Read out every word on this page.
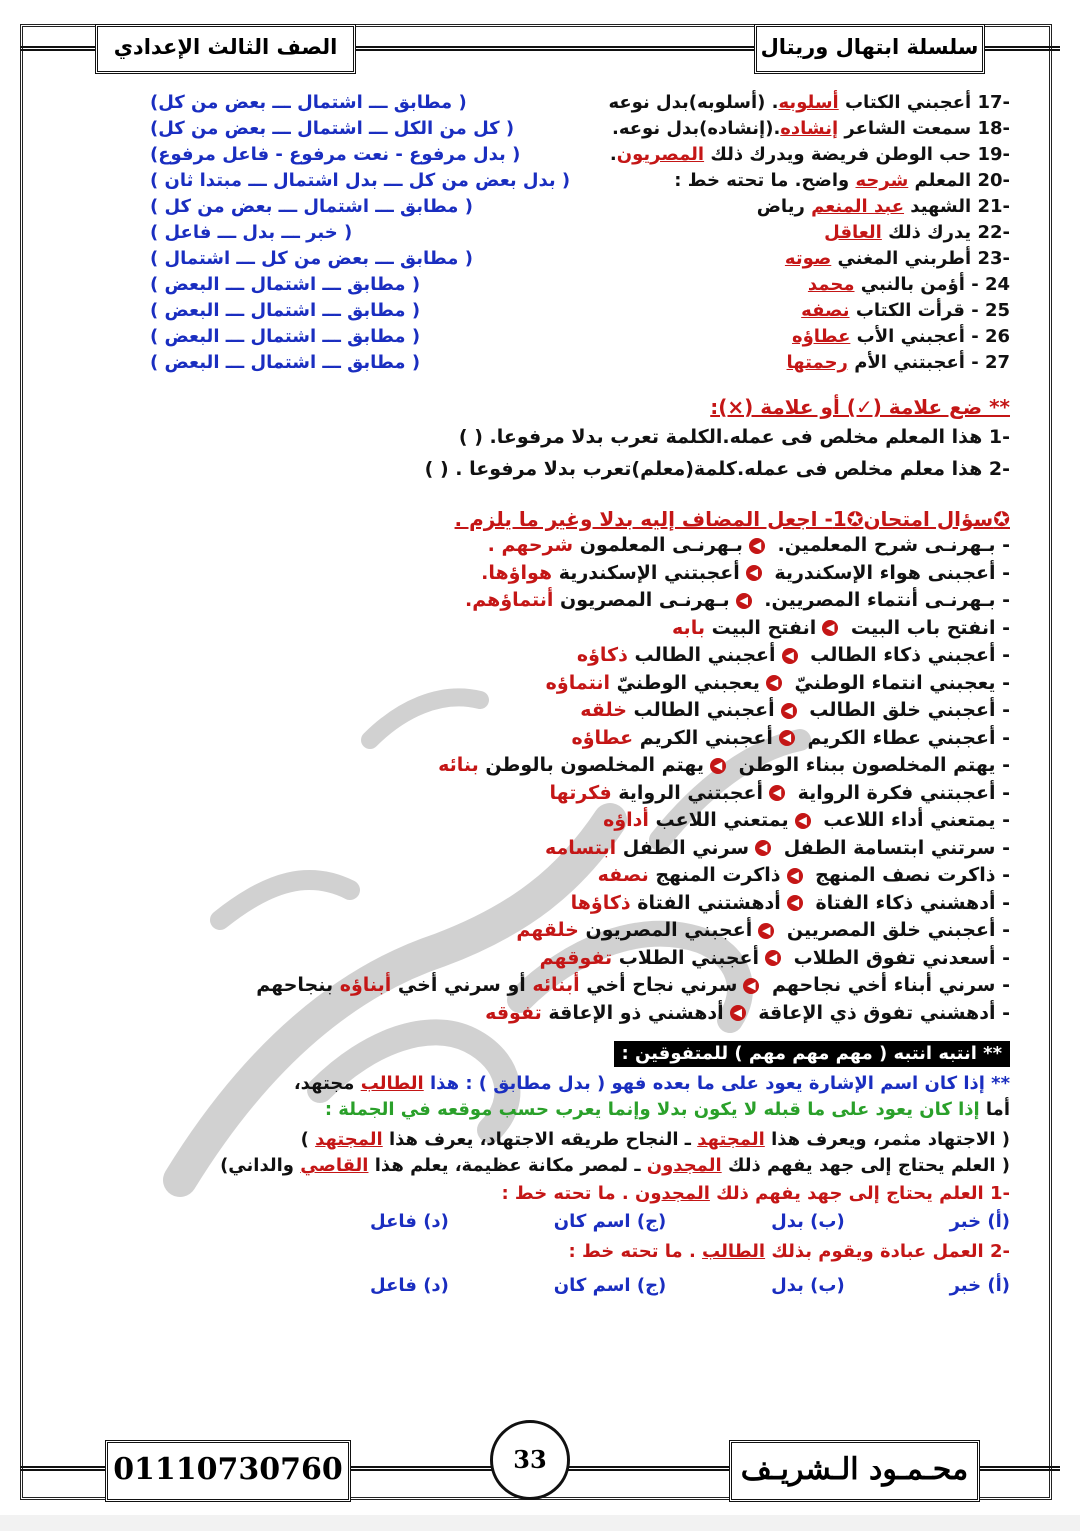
سلسلة ابتهال وريتال
الصف الثالث الإعدادي
-17 أعجبني الكتاب أسلوبه. (أسلوبه)بدل نوعه
( مطابق ـــ اشتمال ـــ بعض من كل)
-18 سمعت الشاعر إنشاده.(إنشاده)بدل نوعه.
( كل من الكل ـــ اشتمال ـــ بعض من كل)
-19 حب الوطن فريضة ويدرك ذلك المصريون.
( بدل مرفوع - نعت مرفوع - فاعل مرفوع)
-20 المعلم شرحه واضح. ما تحته خط :
( بدل بعض من كل ـــ بدل اشتمال ـــ مبتدا ثان )
-21 الشهيد عبد المنعم رياض
( مطابق ـــ اشتمال ـــ بعض من كل )
-22 يدرك ذلك العاقل
( خبر ـــ بدل ـــ فاعل )
-23 أطربني المغني صوته
( مطابق ـــ بعض من كل ـــ اشتمال )
24 - أؤمن بالنبي محمد
( مطابق ـــ اشتمال ـــ البعض )
25 - قرأت الكتاب نصفه
( مطابق ـــ اشتمال ـــ البعض )
26 - أعجبني الأب عطاؤه
( مطابق ـــ اشتمال ـــ البعض )
27 - أعجبتني الأم رحمتها
( مطابق ـــ اشتمال ـــ البعض )
** ضع علامة (✓) أو علامة (×):
-1 هذا المعلم مخلص فى عمله.الكلمة تعرب بدلا مرفوعا. ( )
-2 هذا معلم مخلص فى عمله.كلمة(معلم)تعرب بدلا مرفوعا . ( )
✪سؤال امتحان✪1- اجعل المضاف إليه بدلا وغير ما يلزم .
- بـهرنـى شرح المعلمين. ◀بـهرنـى المعلمون شرحهم .
- أعجبنى هواء الإسكندرية ◀أعجبتني الإسكندرية هواؤها.
- بـهرنـى أنتماء المصريين. ◀بـهرنـى المصريون أنتماؤهم.
- انفتح باب البيت ◀انفتح البيت بابه
- أعجبني ذكاء الطالب ◀أعجبني الطالب ذكاؤه
- يعجبني انتماء الوطنيّ ◀يعجبني الوطنيّ انتماؤه
- أعجبني خلق الطالب ◀أعجبني الطالب خلقه
- أعجبني عطاء الكريم ◀أعجبني الكريم عطاؤه
- يهتم المخلصون ببناء الوطن ◀يهتم المخلصون بالوطن بنائه
- أعجبتني فكرة الرواية ◀أعجبتني الرواية فكرتها
- يمتعني أداء اللاعب ◀يمتعني اللاعب أداؤه
- سرتني ابتسامة الطفل ◀سرني الطفل ابتسامه
- ذاكرت نصف المنهج ◀ذاكرت المنهج نصفه
- أدهشني ذكاء الفتاة ◀أدهشتني الفتاة ذكاؤها
- أعجبني خلق المصريين ◀أعجبني المصريون خلقهم
- أسعدني تفوق الطلاب ◀أعجبني الطلاب تفوقهم
- سرني أبناء أخي نجاحهم ◀سرني نجاح أخي أبنائه أو سرني أخي أبناؤه بنجاحهم
- أدهشني تفوق ذي الإعاقة ◀أدهشني ذو الإعاقة تفوقه
** انتبه انتبه ( مهم مهم مهم ) للمتفوقين :
** إذا كان اسم الإشارة يعود على ما بعده فهو ( بدل مطابق ) : هذا الطالب مجتهد،
أما إذا كان يعود على ما قبله لا يكون بدلا وإنما يعرب حسب موقعه في الجملة :
( الاجتهاد مثمر، ويعرف هذا المجتهد ـ النجاح طريقه الاجتهاد، يعرف هذا المجتهد )
( العلم يحتاج إلى جهد يفهم ذلك المجدون ـ لمصر مكانة عظيمة، يعلم هذا القاصي والداني)
-1 العلم يحتاج إلى جهد يفهم ذلك المجدون . ما تحته خط :
(أ) خبر
(ب) بدل
(ج) اسم كان
(د) فاعل
-2 العمل عبادة ويقوم بذلك الطالب . ما تحته خط :
(أ) خبر
(ب) بدل
(ج) اسم كان
(د) فاعل
01110730760	محـمـود الـشريـف
33
